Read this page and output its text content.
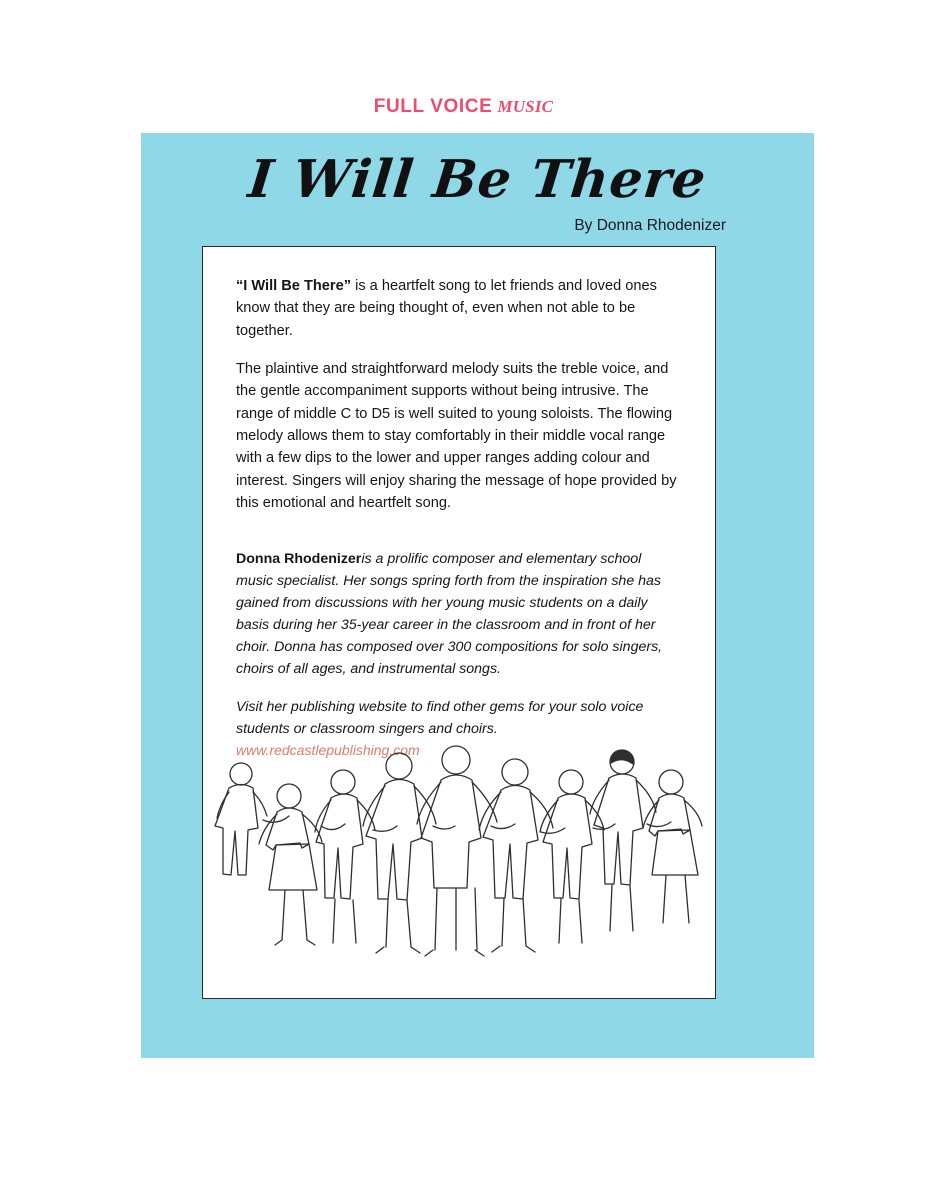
FULL VOICE MUSIC
I Will Be There
By Donna Rhodenizer

“I Will Be There” is a heartfelt song to let friends and loved ones know that they are being thought of, even when not able to be together.

The plaintive and straightforward melody suits the treble voice, and the gentle accompaniment supports without being intrusive. The range of middle C to D5 is well suited to young soloists. The flowing melody allows them to stay comfortably in their middle vocal range with a few dips to the lower and upper ranges adding colour and interest. Singers will enjoy sharing the message of hope provided by this emotional and heartfelt song.

Donna Rhodenizeris a prolific composer and elementary school music specialist. Her songs spring forth from the inspiration she has gained from discussions with her young music students on a daily basis during her 35-year career in the classroom and in front of her choir. Donna has composed over 300 compositions for solo singers, choirs of all ages, and instrumental songs.

Visit her publishing website to find other gems for your solo voice students or classroom singers and choirs.

www.redcastlepublishing.com
